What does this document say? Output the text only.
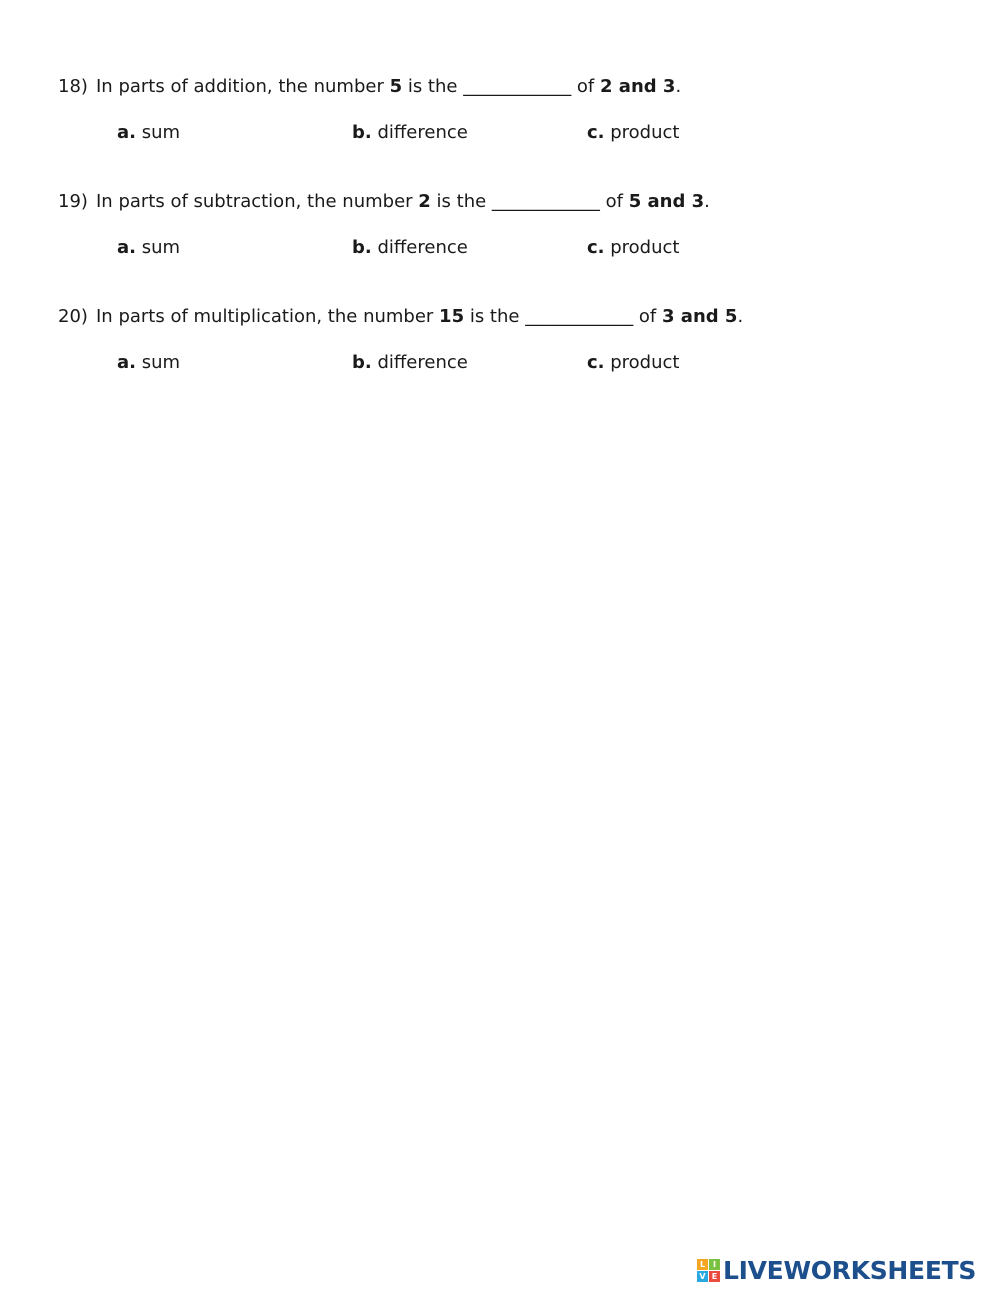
18) In parts of addition, the number 5 is the ____________ of 2 and 3.
a. sum	b. difference	c. product
19) In parts of subtraction, the number 2 is the ____________ of 5 and 3.
a. sum	b. difference	c. product
20) In parts of multiplication, the number 15 is the ____________ of 3 and 5.
a. sum	b. difference	c. product
L I
V E LIVEWORKSHEETS
